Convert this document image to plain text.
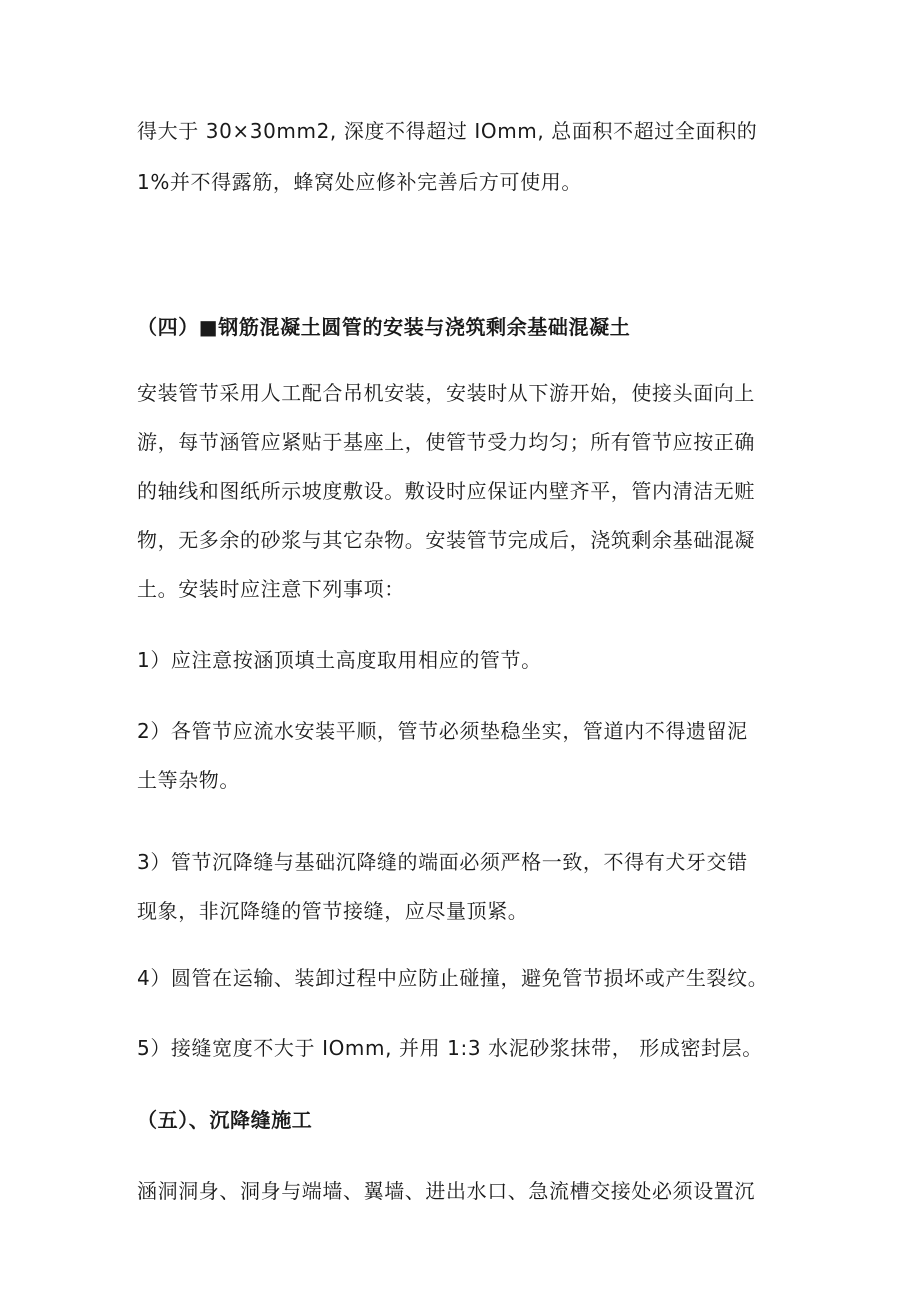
得大于 30×30mm2, 深度不得超过 IOmm, 总面积不超过全面积的
1%并不得露筋，蜂窝处应修补完善后方可使用。
（四）■钢筋混凝土圆管的安装与浇筑剩余基础混凝土
安装管节采用人工配合吊机安装，安装时从下游开始，使接头面向上
游，每节涵管应紧贴于基座上，使管节受力均匀；所有管节应按正确
的轴线和图纸所示坡度敷设。敷设时应保证内壁齐平，管内清洁无赃
物，无多余的砂浆与其它杂物。安装管节完成后，浇筑剩余基础混凝
土。安装时应注意下列事项：
1）应注意按涵顶填土高度取用相应的管节。
2）各管节应流水安装平顺，管节必须垫稳坐实，管道内不得遗留泥
土等杂物。
3）管节沉降缝与基础沉降缝的端面必须严格一致，不得有犬牙交错
现象，非沉降缝的管节接缝，应尽量顶紧。
4）圆管在运输、装卸过程中应防止碰撞，避免管节损坏或产生裂纹。
5）接缝宽度不大于 IOmm, 并用 1:3 水泥砂浆抹带， 形成密封层。
（五）、沉降缝施工
涵洞洞身、洞身与端墙、翼墙、进出水口、急流槽交接处必须设置沉
